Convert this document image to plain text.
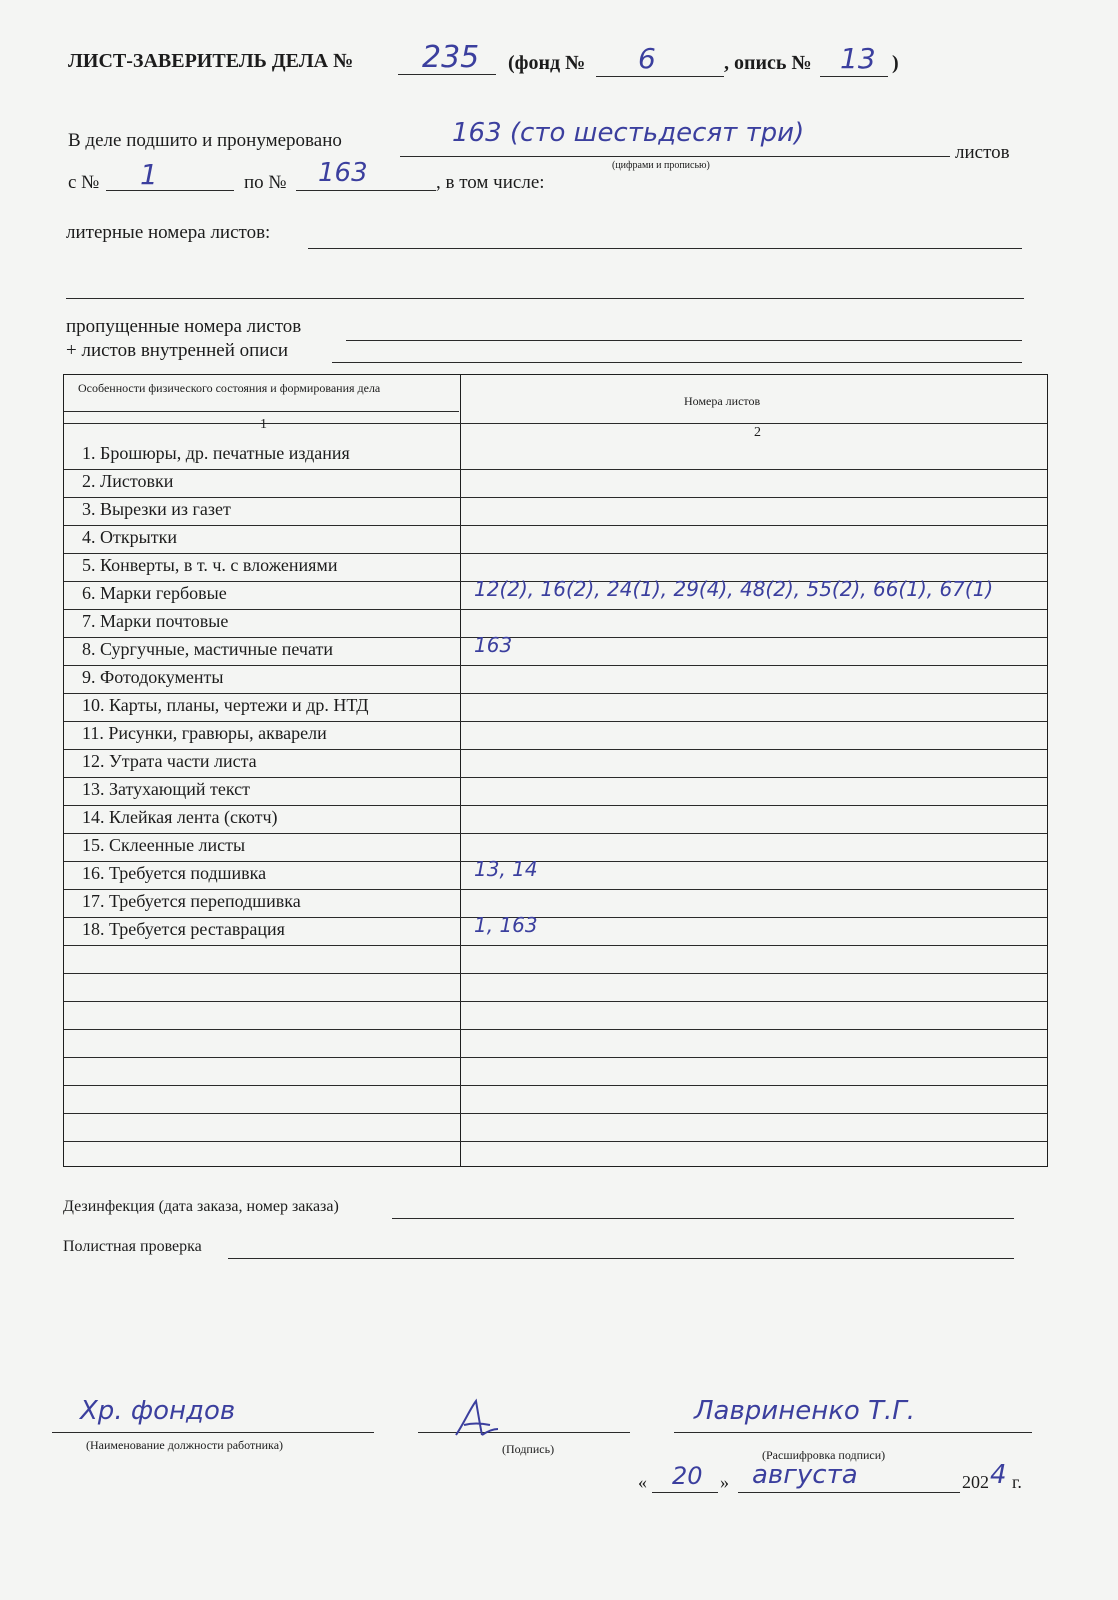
ЛИСТ-ЗАВЕРИТЕЛЬ ДЕЛА № 235 (фонд № 6	, опись № 13 )
В деле подшито и пронумеровано	163 (сто шестьдесят три)
листов
(цифрами и прописью)
с № 1	по № 163	, в том числе:
литерные номера листов:
пропущенные номера листов
+ листов внутренней описи
Особенности физического состояния и формирования дела
Номера листов
1
2
1. Брошюры, др. печатные издания
2. Листовки
3. Вырезки из газет
4. Открытки
5. Конверты, в т. ч. с вложениями
6. Марки гербовые	12(2), 16(2), 24(1), 29(4), 48(2), 55(2), 66(1), 67(1)
7. Марки почтовые
8. Сургучные, мастичные печати	163
9. Фотодокументы
10. Карты, планы, чертежи и др. НТД
11. Рисунки, гравюры, акварели
12. Утрата части листа
13. Затухающий текст
14. Клейкая лента (скотч)
15. Склеенные листы
16. Требуется подшивка	13, 14
17. Требуется переподшивка
18. Требуется реставрация	1, 163
Дезинфекция (дата заказа, номер заказа)
Полистная проверка
Хр. фондов
(Наименование должности работника)	(Подпись)
Лавриненко Т.Г.
(Расшифровка подписи)
« 20 » августа	202 4 г.
